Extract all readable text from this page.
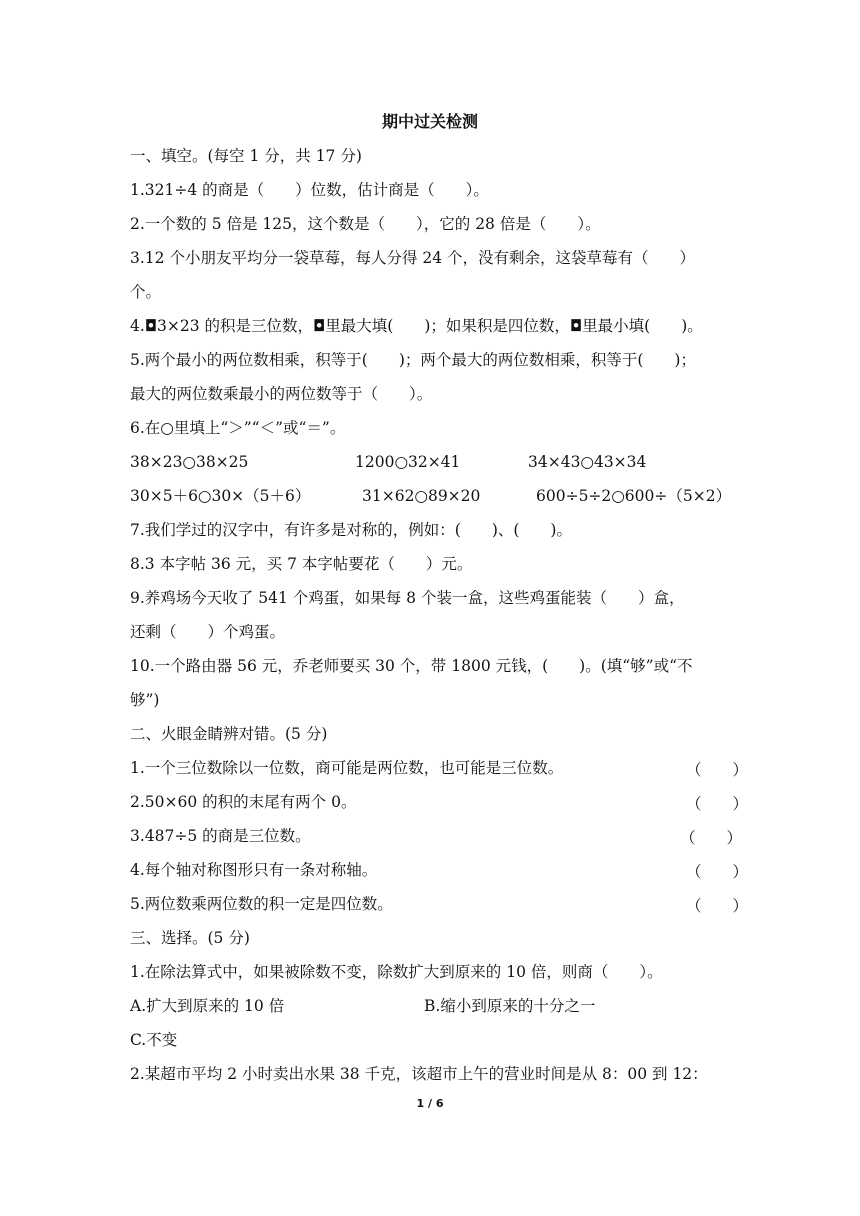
期中过关检测
一、填空。(每空 1 分，共 17 分)
1.321÷4 的商是（　　）位数，估计商是（　　）。
2.一个数的 5 倍是 125，这个数是（　　），它的 28 倍是（　　）。
3.12 个小朋友平均分一袋草莓，每人分得 24 个，没有剩余，这袋草莓有（　　）
个。
4.◘3×23 的积是三位数，◘里最大填(　　)；如果积是四位数，◘里最小填(　　)。
5.两个最小的两位数相乘，积等于(　　)；两个最大的两位数相乘，积等于(　　)；
最大的两位数乘最小的两位数等于（　　）。
6.在○里填上“＞”“＜”或“＝”。
38×23○38×25	1200○32×41	34×43○43×34
30×5＋6○30×（5＋6）	31×62○89×20	600÷5÷2○600÷（5×2）
7.我们学过的汉字中，有许多是对称的，例如：(　　)、(　　)。
8.3 本字帖 36 元，买 7 本字帖要花（　　）元。
9.养鸡场今天收了 541 个鸡蛋，如果每 8 个装一盒，这些鸡蛋能装（　　）盒，
还剩（　　）个鸡蛋。
10.一个路由器 56 元，乔老师要买 30 个，带 1800 元钱，(　　)。(填“够”或“不
够”)
二、火眼金睛辨对错。(5 分)
1.一个三位数除以一位数，商可能是两位数，也可能是三位数。	（　　）
2.50×60 的积的末尾有两个 0。	（　　）
3.487÷5 的商是三位数。	（　　）
4.每个轴对称图形只有一条对称轴。	（　　）
5.两位数乘两位数的积一定是四位数。	（　　）
三、选择。(5 分)
1.在除法算式中，如果被除数不变，除数扩大到原来的 10 倍，则商（　　）。
A.扩大到原来的 10 倍	B.缩小到原来的十分之一
C.不变
2.某超市平均 2 小时卖出水果 38 千克，该超市上午的营业时间是从 8：00 到 12：
1 / 6
